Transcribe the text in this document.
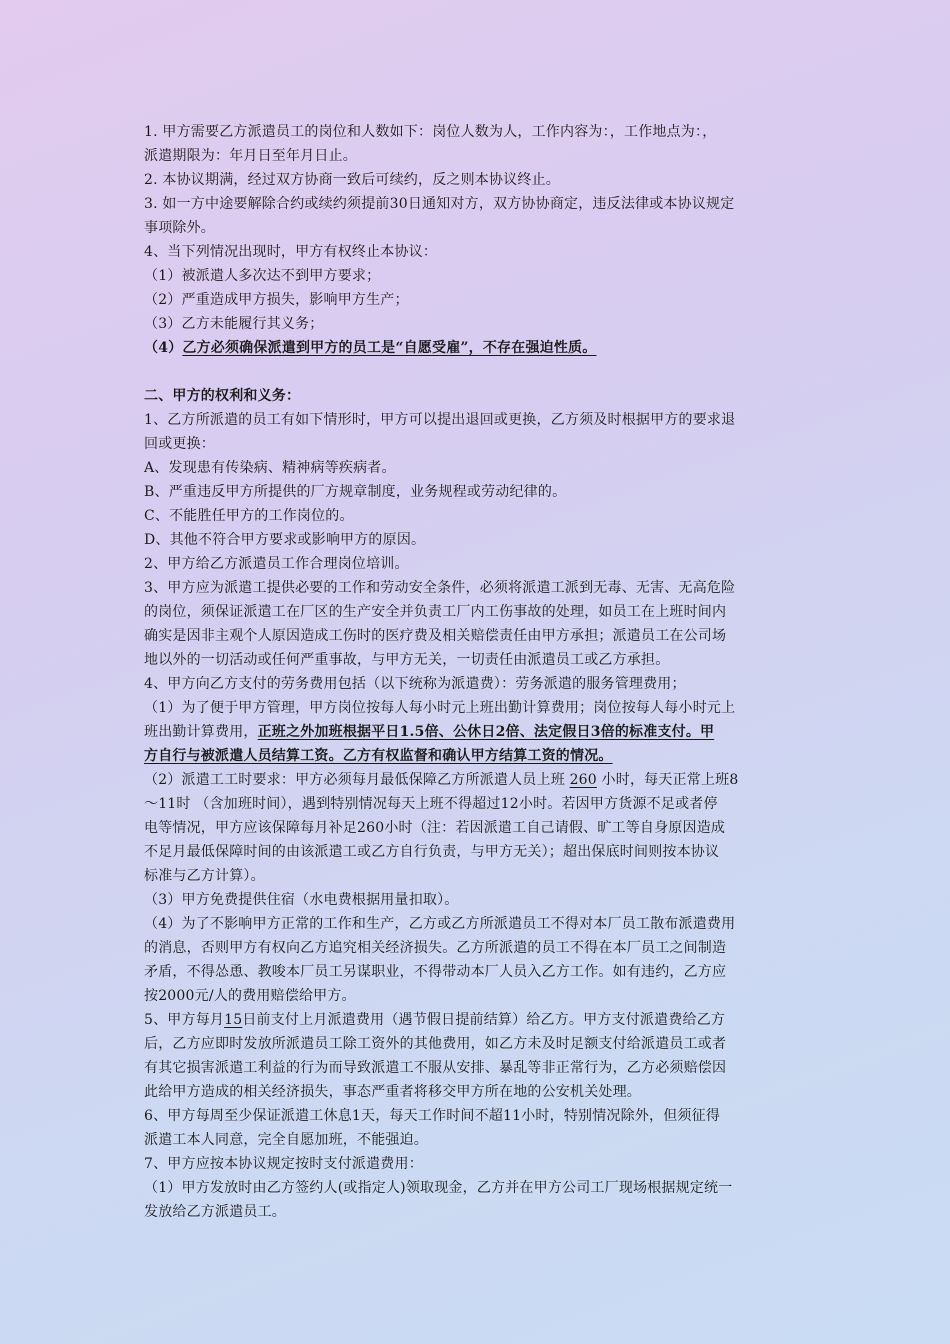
1. 甲方需要乙方派遣员工的岗位和人数如下：岗位人数为人，工作内容为：，工作地点为：，
派遣期限为：年月日至年月日止。
2. 本协议期满，经过双方协商一致后可续约，反之则本协议终止。
3. 如一方中途要解除合约或续约须提前30日通知对方，双方协协商定，违反法律或本协议规定
事项除外。
4、当下列情况出现时，甲方有权终止本协议：
（1）被派遣人多次达不到甲方要求；
（2）严重造成甲方损失，影响甲方生产；
（3）乙方未能履行其义务；
（4）乙方必须确保派遣到甲方的员工是“自愿受雇”，不存在强迫性质。
二、甲方的权利和义务：
1、乙方所派遣的员工有如下情形时，甲方可以提出退回或更换，乙方须及时根据甲方的要求退
回或更换：
A、发现患有传染病、精神病等疾病者。
B、严重违反甲方所提供的厂方规章制度，业务规程或劳动纪律的。
C、不能胜任甲方的工作岗位的。
D、其他不符合甲方要求或影响甲方的原因。
2、甲方给乙方派遣员工作合理岗位培训。
3、甲方应为派遣工提供必要的工作和劳动安全条件，必须将派遣工派到无毒、无害、无高危险
的岗位，须保证派遣工在厂区的生产安全并负责工厂内工伤事故的处理，如员工在上班时间内
确实是因非主观个人原因造成工伤时的医疗费及相关赔偿责任由甲方承担；派遣员工在公司场
地以外的一切活动或任何严重事故，与甲方无关，一切责任由派遣员工或乙方承担。
4、甲方向乙方支付的劳务费用包括（以下统称为派遣费）：劳务派遣的服务管理费用；
（1）为了便于甲方管理，甲方岗位按每人每小时元上班出勤计算费用；岗位按每人每小时元上
班出勤计算费用，正班之外加班根据平日1.5倍、公休日2倍、法定假日3倍的标准支付。甲
方自行与被派遣人员结算工资。乙方有权监督和确认甲方结算工资的情况。
（2）派遣工工时要求：甲方必须每月最低保障乙方所派遣人员上班 260 小时，每天正常上班8
～11时 （含加班时间），遇到特别情况每天上班不得超过12小时。若因甲方货源不足或者停
电等情况，甲方应该保障每月补足260小时（注：若因派遣工自己请假、旷工等自身原因造成
不足月最低保障时间的由该派遣工或乙方自行负责，与甲方无关）；超出保底时间则按本协议
标准与乙方计算）。
（3）甲方免费提供住宿（水电费根据用量扣取）。
（4）为了不影响甲方正常的工作和生产，乙方或乙方所派遣员工不得对本厂员工散布派遣费用
的消息，否则甲方有权向乙方追究相关经济损失。乙方所派遣的员工不得在本厂员工之间制造
矛盾，不得怂恿、教唆本厂员工另谋职业，不得带动本厂人员入乙方工作。如有违约，乙方应
按2000元/人的费用赔偿给甲方。
5、甲方每月15日前支付上月派遣费用（遇节假日提前结算）给乙方。甲方支付派遣费给乙方
后，乙方应即时发放所派遣员工除工资外的其他费用，如乙方未及时足额支付给派遣员工或者
有其它损害派遣工利益的行为而导致派遣工不服从安排、暴乱等非正常行为，乙方必须赔偿因
此给甲方造成的相关经济损失，事态严重者将移交甲方所在地的公安机关处理。
6、甲方每周至少保证派遣工休息1天，每天工作时间不超11小时，特别情况除外，但须征得
派遣工本人同意，完全自愿加班，不能强迫。
7、甲方应按本协议规定按时支付派遣费用：
（1）甲方发放时由乙方签约人(或指定人)领取现金，乙方并在甲方公司工厂现场根据规定统一
发放给乙方派遣员工。
